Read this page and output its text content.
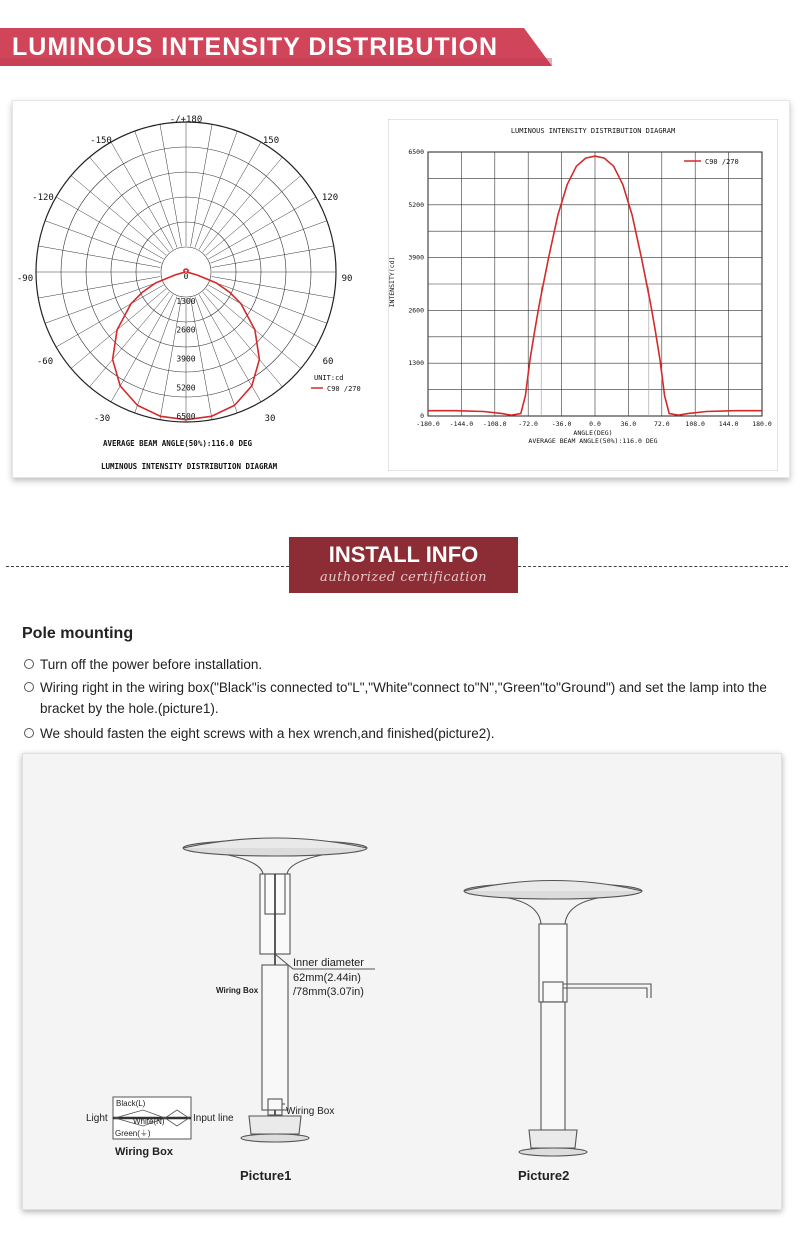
LUMINOUS INTENSITY DISTRIBUTION
-/+180
-150	150
-120	120
-90	90
-60	60
-30	30
0
1300
2600
3900
5200
6500
UNIT:cd
C90 /270
AVERAGE BEAM ANGLE(50%):116.0 DEG
LUMINOUS INTENSITY DISTRIBUTION DIAGRAM
LUMINOUS INTENSITY DISTRIBUTION DIAGRAM
-180.0 -144.0 -108.0 -72.0 -36.0	0.0	36.0	72.0 108.0 144.0 180.0
0
1300
2600
3900
5200
6500
INTENSITY(cd)
ANGLE(DEG)
AVERAGE BEAM ANGLE(50%):116.0 DEG
C90 /270
INSTALL INFO
authorized certification
Pole mounting
Turn off the power before installation.
Wiring right in the wiring box("Black"is connected to"L","White"connect to"N","Green"to"Ground") and set the lamp into the bracket by the hole.(picture1).
We should fasten the eight screws with a hex wrench,and finished(picture2).
Inner diameter
62mm(2.44in)
/78mm(3.07in)
Wiring Box
Wiring Box
Black(L)
White(N)
Green(⏚)
Light	Input line
Wiring Box
Picture1	Picture2
